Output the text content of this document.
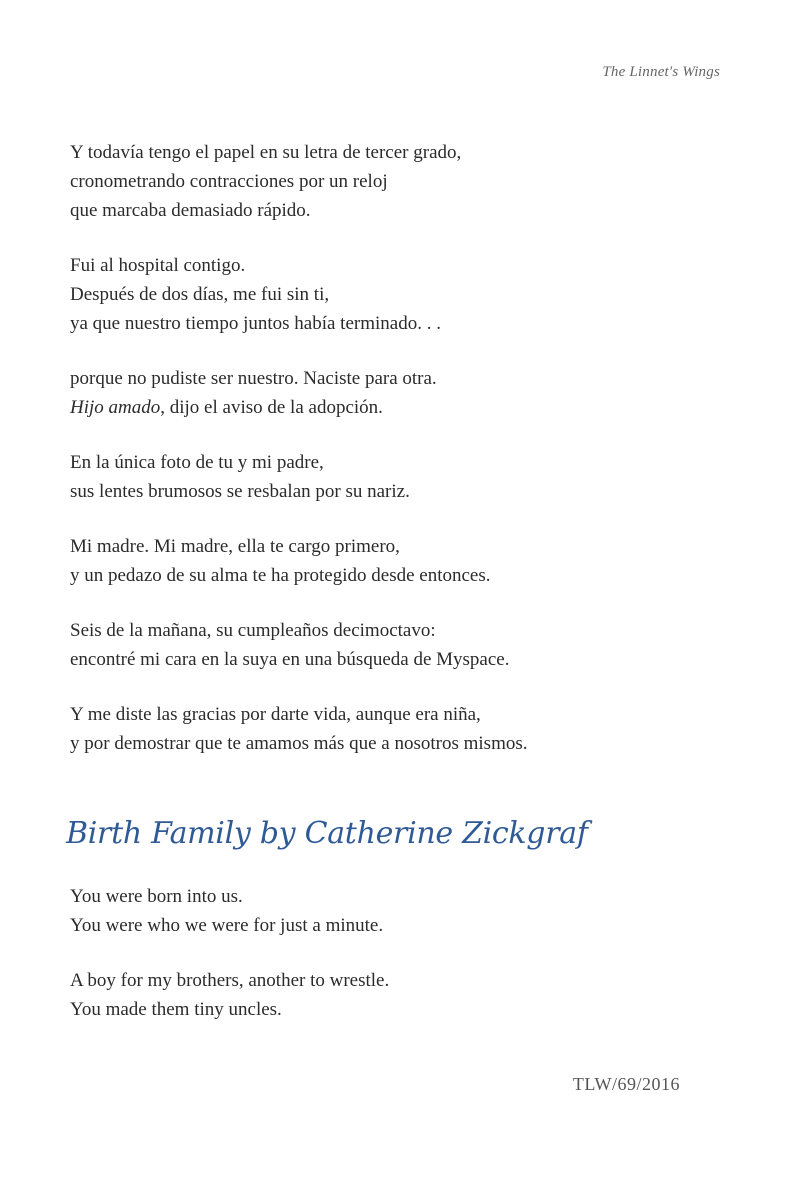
The Linnet's Wings
Y todavía tengo el papel en su letra de tercer grado,
cronometrando contracciones por un reloj
que marcaba demasiado rápido.
Fui al hospital contigo.
Después de dos días, me fui sin ti,
ya que nuestro tiempo juntos había terminado. . .
porque no pudiste ser nuestro. Naciste para otra.
Hijo amado, dijo el aviso de la adopción.
En la única foto de tu y mi padre,
sus lentes brumosos se resbalan por su nariz.
Mi madre. Mi madre, ella te cargo primero,
y un pedazo de su alma te ha protegido desde entonces.
Seis de la mañana, su cumpleaños decimoctavo:
encontré mi cara en la suya en una búsqueda de Myspace.
Y me diste las gracias por darte vida, aunque era niña,
y por demostrar que te amamos más que a nosotros mismos.
Birth Family by Catherine Zickgraf
You were born into us.
You were who we were for just a minute.
A boy for my brothers, another to wrestle.
You made them tiny uncles.
TLW/69/2016
